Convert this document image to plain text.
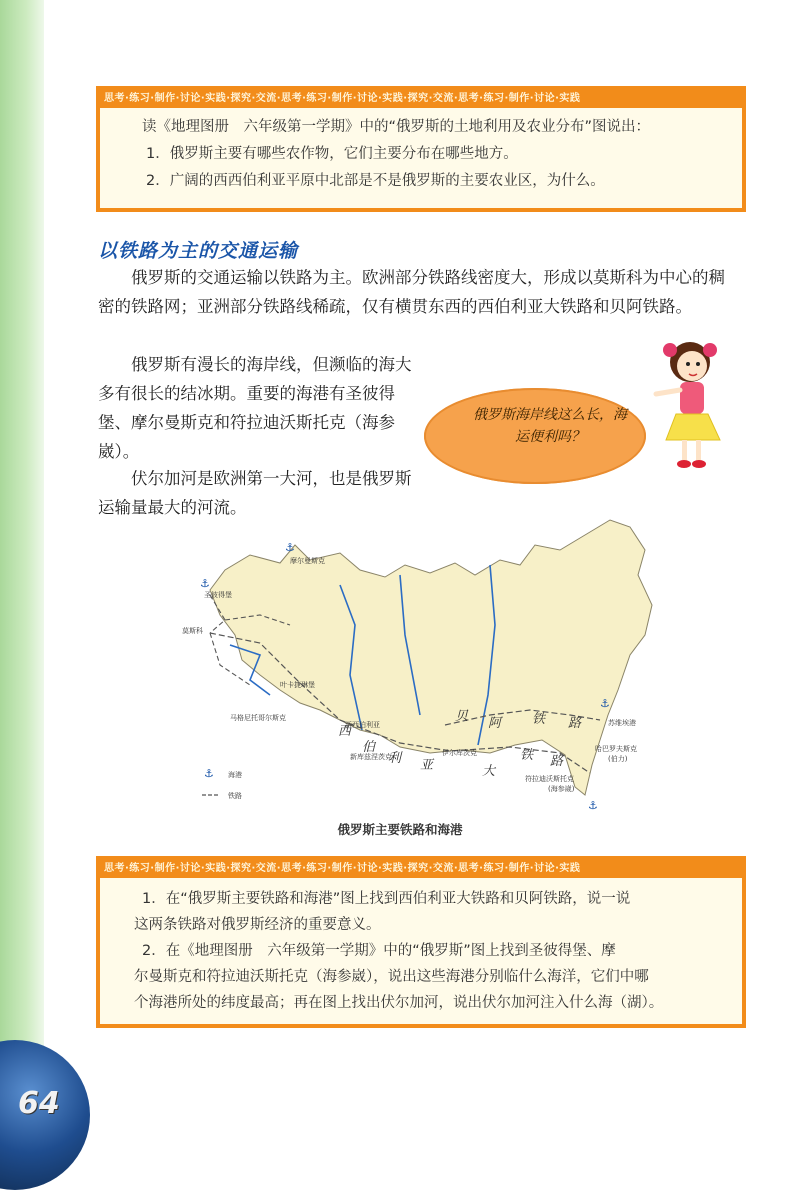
64
思考·练习·制作·讨论·实践·探究·交流·思考·练习·制作·讨论·实践·探究·交流·思考·练习·制作·讨论·实践

读《地理图册　六年级第一学期》中的“俄罗斯的土地利用及农业分布”图说出：

1．俄罗斯主要有哪些农作物，它们主要分布在哪些地方。

2．广阔的西西伯利亚平原中北部是不是俄罗斯的主要农业区，为什么。

以铁路为主的交通运输
俄罗斯的交通运输以铁路为主。欧洲部分铁路线密度大，形成以莫斯科为中心的稠密的铁路网；亚洲部分铁路线稀疏，仅有横贯东西的西伯利亚大铁路和贝阿铁路。
俄罗斯有漫长的海岸线，但濒临的海大多有很长的结冰期。重要的海港有圣彼得堡、摩尔曼斯克和符拉迪沃斯托克（海参崴）。
伏尔加河是欧洲第一大河，也是俄罗斯运输量最大的河流。
俄罗斯海岸线这么长，海运便利吗？
摩尔曼斯克
圣彼得堡
莫斯科
叶卡捷琳堡
马格尼托哥尔斯克
新西伯利亚
新库兹涅茨克	伊尔库茨克
苏维埃港
哈巴罗夫斯克
(伯力)
符拉迪沃斯托克
(海参崴)
西
伯
利 亚	大
铁 路
贝 阿 铁 路
⚓
⚓
⚓
⚓
⚓ 海港
铁路
俄罗斯主要铁路和海港
思考·练习·制作·讨论·实践·探究·交流·思考·练习·制作·讨论·实践·探究·交流·思考·练习·制作·讨论·实践

1．在“俄罗斯主要铁路和海港”图上找到西伯利亚大铁路和贝阿铁路，说一说

这两条铁路对俄罗斯经济的重要意义。

2．在《地理图册　六年级第一学期》中的“俄罗斯”图上找到圣彼得堡、摩

尔曼斯克和符拉迪沃斯托克（海参崴），说出这些海港分别临什么海洋，它们中哪

个海港所处的纬度最高；再在图上找出伏尔加河，说出伏尔加河注入什么海（湖）。
